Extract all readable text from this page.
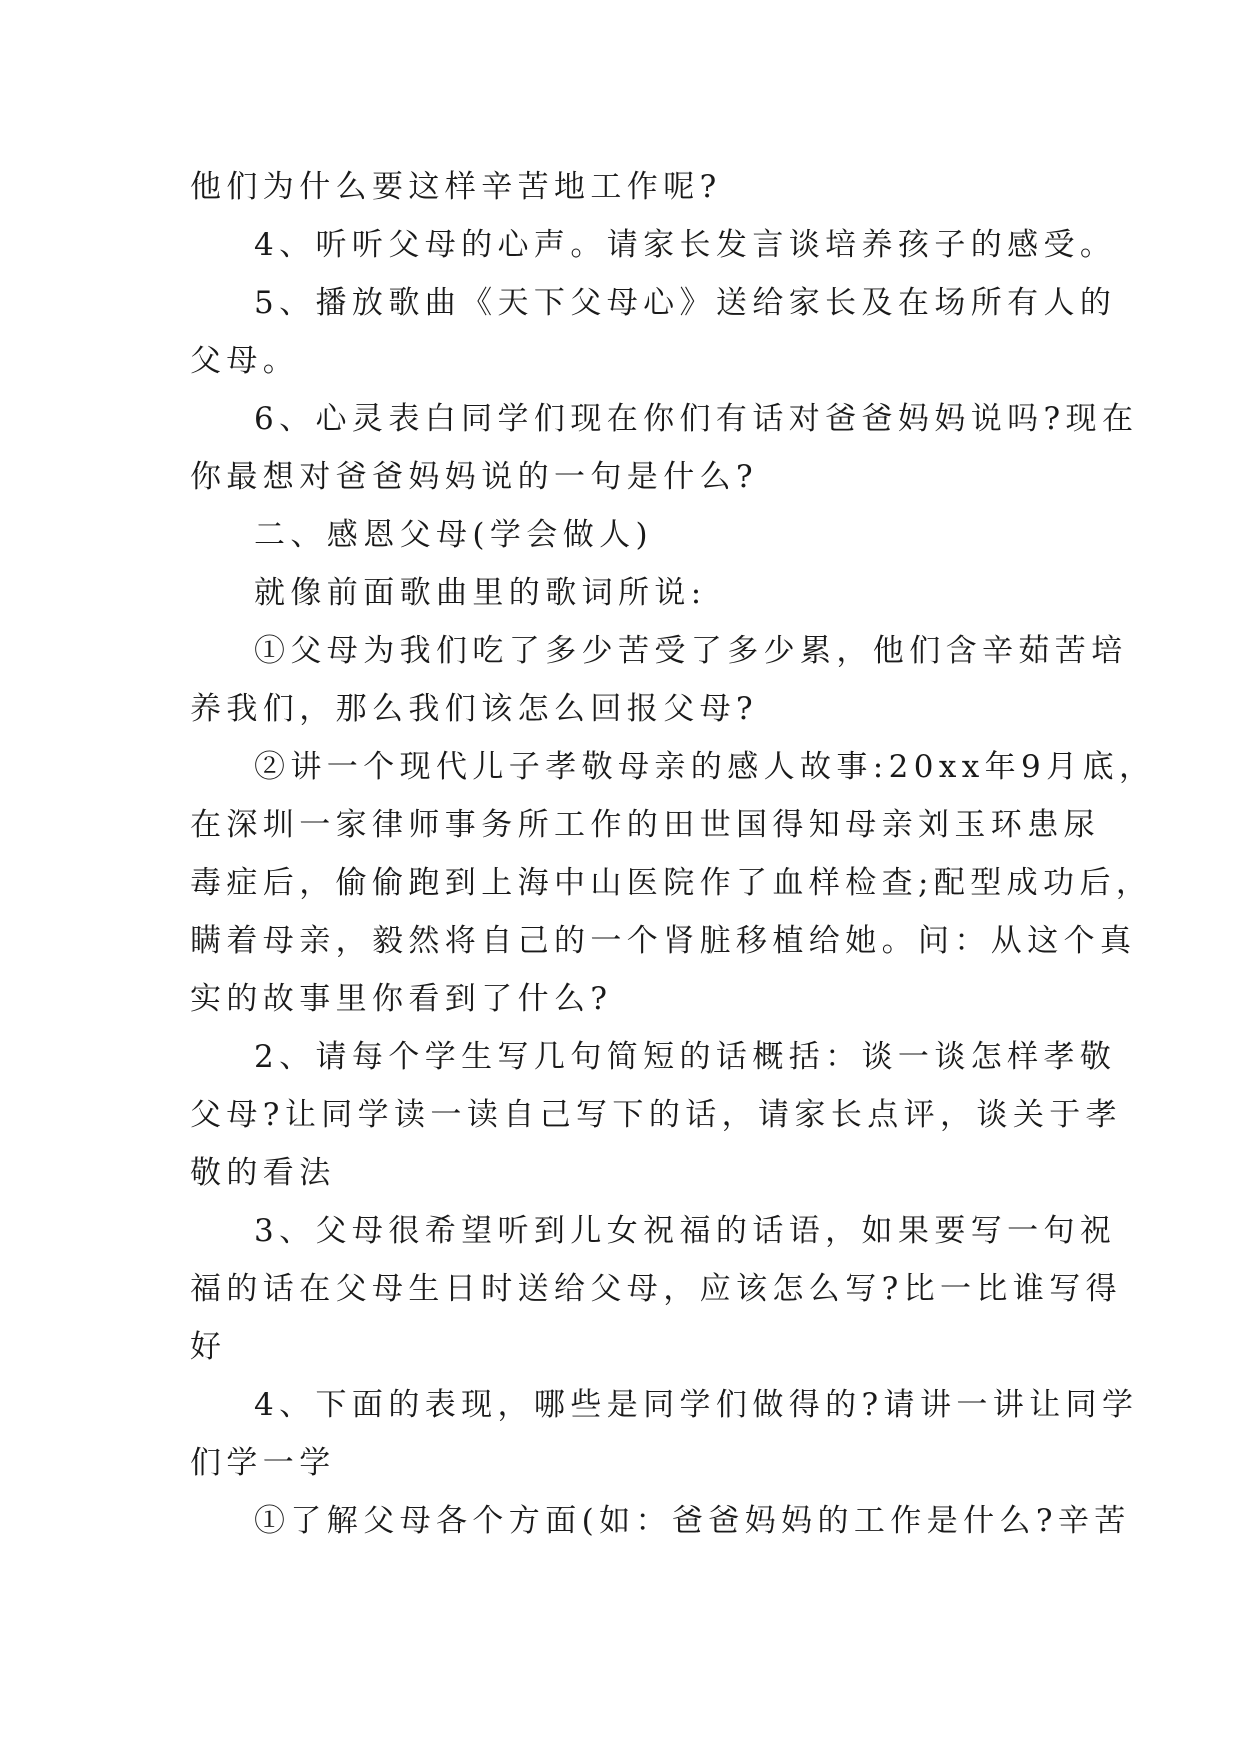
他们为什么要这样辛苦地工作呢?
4、听听父母的心声。请家长发言谈培养孩子的感受。
5、播放歌曲《天下父母心》送给家长及在场所有人的
父母。
6、心灵表白同学们现在你们有话对爸爸妈妈说吗?现在
你最想对爸爸妈妈说的一句是什么?
二、感恩父母(学会做人)
就像前面歌曲里的歌词所说:
①父母为我们吃了多少苦受了多少累，他们含辛茹苦培
养我们，那么我们该怎么回报父母?
②讲一个现代儿子孝敬母亲的感人故事:20xx年9月底，
在深圳一家律师事务所工作的田世国得知母亲刘玉环患尿
毒症后，偷偷跑到上海中山医院作了血样检查;配型成功后，
瞒着母亲，毅然将自己的一个肾脏移植给她。问：从这个真
实的故事里你看到了什么?
2、请每个学生写几句简短的话概括：谈一谈怎样孝敬
父母?让同学读一读自己写下的话，请家长点评，谈关于孝
敬的看法
3、父母很希望听到儿女祝福的话语，如果要写一句祝
福的话在父母生日时送给父母，应该怎么写?比一比谁写得
好
4、下面的表现，哪些是同学们做得的?请讲一讲让同学
们学一学
①了解父母各个方面(如：爸爸妈妈的工作是什么?辛苦
